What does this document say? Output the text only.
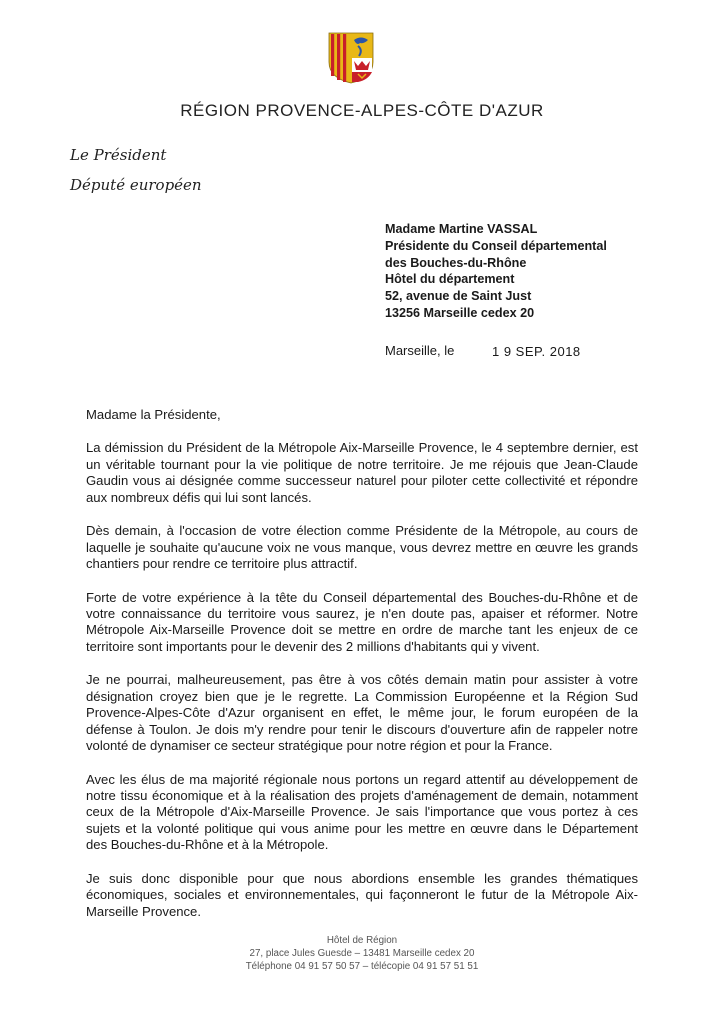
RÉGION PROVENCE-ALPES-CÔTE D'AZUR
Le Président
Député européen
Madame Martine VASSAL
Présidente du Conseil départemental
des Bouches-du-Rhône
Hôtel du département
52, avenue de Saint Just
13256 Marseille cedex 20
Marseille, le	1 9 SEP. 2018
Madame la Présidente,
La démission du Président de la Métropole Aix-Marseille Provence, le 4 septembre dernier, est un véritable tournant pour la vie politique de notre territoire. Je me réjouis que Jean-Claude Gaudin vous ai désignée comme successeur naturel pour piloter cette collectivité et répondre aux nombreux défis qui lui sont lancés.
Dès demain, à l'occasion de votre élection comme Présidente de la Métropole, au cours de laquelle je souhaite qu'aucune voix ne vous manque, vous devrez mettre en œuvre les grands chantiers pour rendre ce territoire plus attractif.
Forte de votre expérience à la tête du Conseil départemental des Bouches-du-Rhône et de votre connaissance du territoire vous saurez, je n'en doute pas, apaiser et réformer. Notre Métropole Aix-Marseille Provence doit se mettre en ordre de marche tant les enjeux de ce territoire sont importants pour le devenir des 2 millions d'habitants qui y vivent.
Je ne pourrai, malheureusement, pas être à vos côtés demain matin pour assister à votre désignation croyez bien que je le regrette. La Commission Européenne et la Région Sud Provence-Alpes-Côte d'Azur organisent en effet, le même jour, le forum européen de la défense à Toulon. Je dois m'y rendre pour tenir le discours d'ouverture afin de rappeler notre volonté de dynamiser ce secteur stratégique pour notre région et pour la France.
Avec les élus de ma majorité régionale nous portons un regard attentif au développement de notre tissu économique et à la réalisation des projets d'aménagement de demain, notamment ceux de la Métropole d'Aix-Marseille Provence. Je sais l'importance que vous portez à ces sujets et la volonté politique qui vous anime pour les mettre en œuvre dans le Département des Bouches-du-Rhône et à la Métropole.
Je suis donc disponible pour que nous abordions ensemble les grandes thématiques économiques, sociales et environnementales, qui façonneront le futur de la Métropole Aix-Marseille Provence.
Hôtel de Région
27, place Jules Guesde – 13481 Marseille cedex 20
Téléphone 04 91 57 50 57 – télécopie 04 91 57 51 51
